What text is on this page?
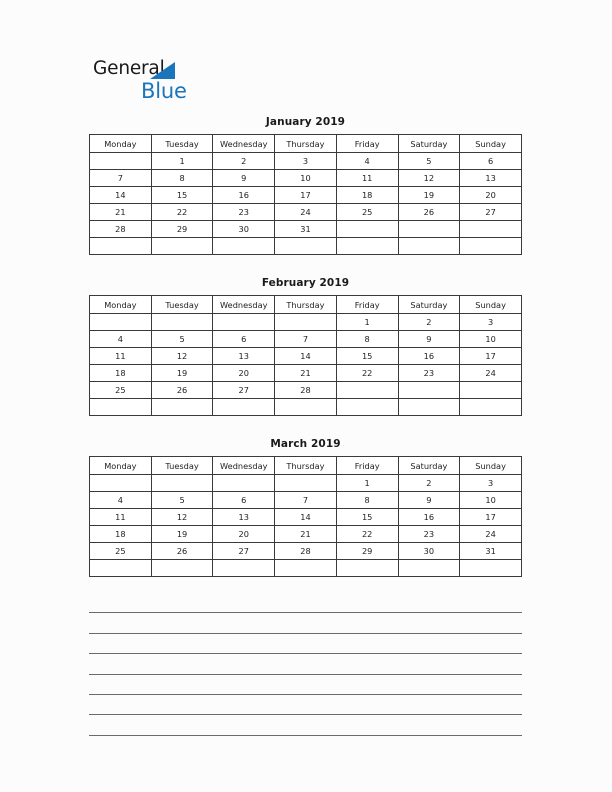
General
Blue
January 2019
Monday	Tuesday	Wednesday	Thursday	Friday	Saturday	Sunday
	1	2	3	4	5	6
7	8	9	10	11	12	13
14	15	16	17	18	19	20
21	22	23	24	25	26	27
28	29	30	31			

February 2019
Monday	Tuesday	Wednesday	Thursday	Friday	Saturday	Sunday
				1	2	3
4	5	6	7	8	9	10
11	12	13	14	15	16	17
18	19	20	21	22	23	24
25	26	27	28			

March 2019
Monday	Tuesday	Wednesday	Thursday	Friday	Saturday	Sunday
				1	2	3
4	5	6	7	8	9	10
11	12	13	14	15	16	17
18	19	20	21	22	23	24
25	26	27	28	29	30	31
